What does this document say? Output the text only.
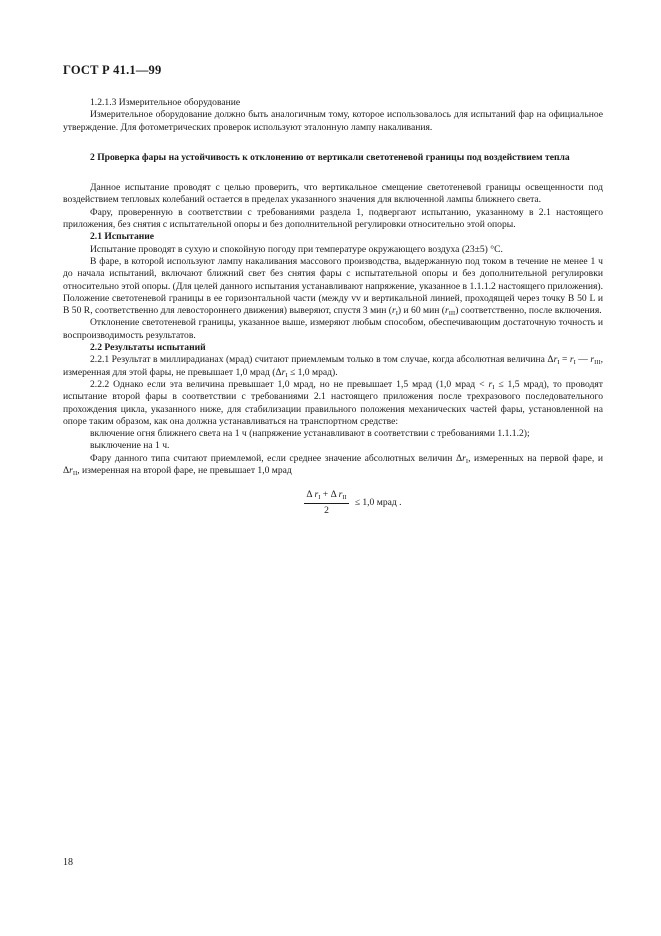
ГОСТ Р 41.1—99

1.2.1.3 Измерительное оборудование

Измерительное оборудование должно быть аналогичным тому, которое использовалось для испытаний фар на официальное утверждение. Для фотометрических проверок используют эталонную лампу накаливания.

2 Проверка фары на устойчивость к отклонению от вертикали светотеневой границы под воздействием тепла

Данное испытание проводят с целью проверить, что вертикальное смещение светотеневой границы освещенности под воздействием тепловых колебаний остается в пределах указанного значения для включенной лампы ближнего света.

Фару, проверенную в соответствии с требованиями раздела 1, подвергают испытанию, указанному в 2.1 настоящего приложения, без снятия с испытательной опоры и без дополнительной регулировки относительно этой опоры.

2.1 Испытание

Испытание проводят в сухую и спокойную погоду при температуре окружающего воздуха (23±5) °С.

В фаре, в которой используют лампу накаливания массового производства, выдержанную под током в течение не менее 1 ч до начала испытаний, включают ближний свет без снятия фары с испытательной опоры и без дополнительной регулировки относительно этой опоры. (Для целей данного испытания устанавливают напряжение, указанное в 1.1.1.2 настоящего приложения). Положение светотеневой границы в ее горизонтальной части (между vv и вертикальной линией, проходящей через точку B 50 L и B 50 R, соответственно для левостороннего движения) выверяют, спустя 3 мин $(r_I)$ и 60 мин $(r_{III})$ соответственно, после включения.

Отклонение светотеневой границы, указанное выше, измеряют любым способом, обеспечивающим достаточную точность и воспроизводимость результатов.

2.2 Результаты испытаний

2.2.1 Результат в миллирадианах (мрад) считают приемлемым только в том случае, когда абсолютная величина $\Delta r_I = r_I$ — $r_{III}$, измеренная для этой фары, не превышает 1,0 мрад ($\Delta r_I \le 1,0$ мрад).

2.2.2 Однако если эта величина превышает 1,0 мрад, но не превышает 1,5 мрад (1,0 мрад < $r_I \le 1,5$ мрад), то проводят испытание второй фары в соответствии с требованиями 2.1 настоящего приложения после трехразового последовательного прохождения цикла, указанного ниже, для стабилизации правильного положения механических частей фары, установленной на опоре таким образом, как она должна устанавливаться на транспортном средстве:

включение огня ближнего света на 1 ч (напряжение устанавливают в соответствии с требованиями 1.1.1.2);

выключение на 1 ч.

Фару данного типа считают приемлемой, если среднее значение абсолютных величин $\Delta r_I$, измеренных на первой фаре, и $\Delta r_{II}$, измеренная на второй фаре, не превышает 1,0 мрад

$\frac{\Delta r_I + \Delta r_{II}}{2} \le 1,0$ мрад .
18
